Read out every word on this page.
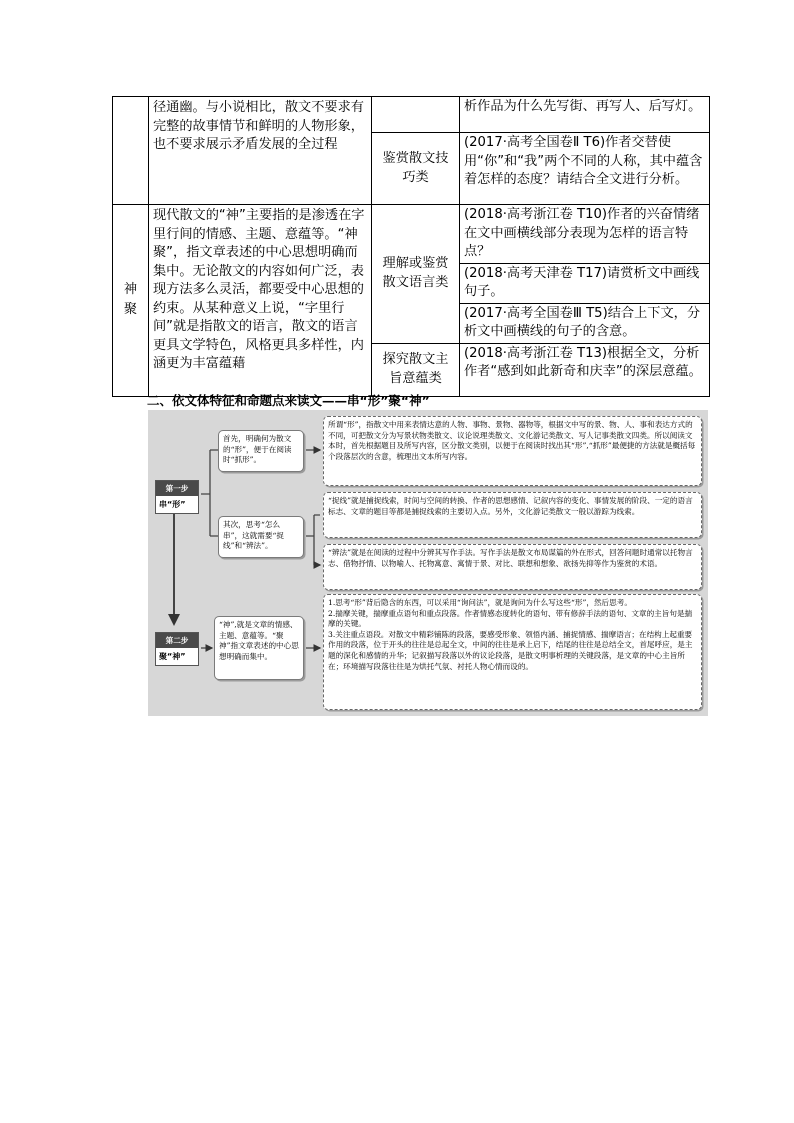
	径通幽。与小说相比，散文不要求有完整的故事情节和鲜明的人物形象，也不要求展示矛盾发展的全过程		析作品为什么先写街、再写人、后写灯。
		鉴赏散文技巧类	(2017·高考全国卷Ⅱ T6)作者交替使用“你”和“我”两个不同的人称，其中蕴含着怎样的态度？请结合全文进行分析。
神聚	现代散文的“神”主要指的是渗透在字里行间的情感、主题、意蕴等。“神聚”，指文章表述的中心思想明确而集中。无论散文的内容如何广泛，表现方法多么灵活，都要受中心思想的约束。从某种意义上说，“字里行间”就是指散文的语言，散文的语言更具文学特色，风格更具多样性，内涵更为丰富蕴藉	理解或鉴赏散文语言类	(2018·高考浙江卷 T10)作者的兴奋情绪在文中画横线部分表现为怎样的语言特点？
			(2018·高考天津卷 T17)请赏析文中画线句子。
			(2017·高考全国卷Ⅲ T5)结合上下文，分析文中画横线的句子的含意。
		探究散文主旨意蕴类	(2018·高考浙江卷 T13)根据全文，分析作者“感到如此新奇和庆幸”的深层意蕴。
二、依文体特征和命题点来读文——串“形”聚“神”
第一步
串“形”
第二步
聚“神”
首先，明确何为散文的“形”，便于在阅读时“抓形”。
其次，思考“怎么串”，这就需要“捉线”和“辨法”。
“神”,就是文章的情感、主题、意蕴等。“聚神”指文章表述的中心思想明确而集中。
所谓“形”，指散文中用来表情达意的人物、事物、景物、器物等，根据文中写的景、物、人、事和表达方式的不同，可把散文分为写景状物类散文、议论说理类散文、文化游记类散文、写人记事类散文四类。所以阅读文本时，首先根据题目及所写内容，区分散文类别，以便于在阅读时找出其“形”,“抓形”最便捷的方法就是概括每个段落层次的含意，梳理出文本所写内容。
“捉线”就是捕捉线索，时间与空间的转换、作者的思想感情、记叙内容的变化、事情发展的阶段、一定的语言标志、文章的题目等都是捕捉线索的主要切入点。另外，文化游记类散文一般以游踪为线索。
“辨法”就是在阅读的过程中分辨其写作手法。写作手法是散文布局谋篇的外在形式，回答问题时通常以托物言志、借物抒情、以物喻人、托物寓意、寓情于景、对比、联想和想象、欲扬先抑等作为鉴赏的术语。
1.思考“形”背后隐含的东西，可以采用“询问法”，就是询问为什么写这些“形”，然后思考。
2.揣摩关键，揣摩重点语句和重点段落。作者情感态度转化的语句、带有修辞手法的语句、文章的主旨句是揣摩的关键。
3.关注重点语段。对散文中精彩铺陈的段落，要感受形象、领悟内涵、捕捉情感、揣摩语言；在结构上起重要作用的段落，位于开头的往往是总起全文，中间的往往是承上启下，结尾的往往是总结全文，首尾呼应，是主题的深化和感情的升华；记叙描写段落以外的议论段落，是散文明事析理的关键段落，是文章的中心主旨所在；环境描写段落往往是为烘托气氛、衬托人物心情而设的。
